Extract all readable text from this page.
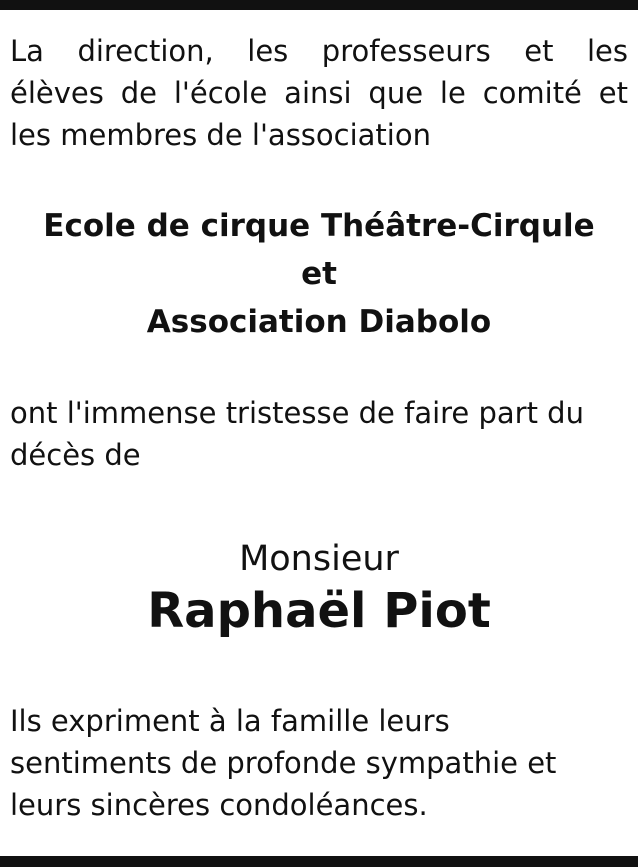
La direction, les professeurs et les
élèves de l'école ainsi que le comité et
les membres de l'association

Ecole de cirque Théâtre-Cirqule

et

Association Diabolo

ont l'immense tristesse de faire part du
décès de

Monsieur

Raphaël Piot

Ils expriment à la famille leurs
sentiments de profonde sympathie et
leurs sincères condoléances.
